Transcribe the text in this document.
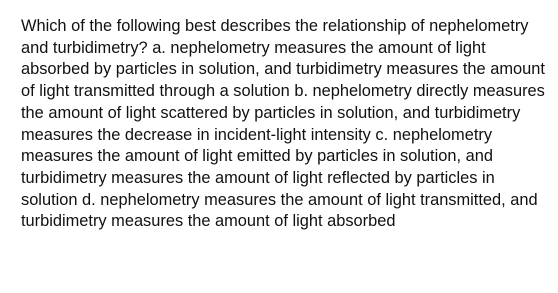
Which of the following best describes the relationship of nephelometry and turbidimetry? a. nephelometry measures the amount of light absorbed by particles in solution, and turbidimetry measures the amount of light transmitted through a solution b. nephelometry directly measures the amount of light scattered by particles in solution, and turbidimetry measures the decrease in incident-light intensity c. nephelometry measures the amount of light emitted by particles in solution, and turbidimetry measures the amount of light reflected by particles in solution d. nephelometry measures the amount of light transmitted, and turbidimetry measures the amount of light absorbed
